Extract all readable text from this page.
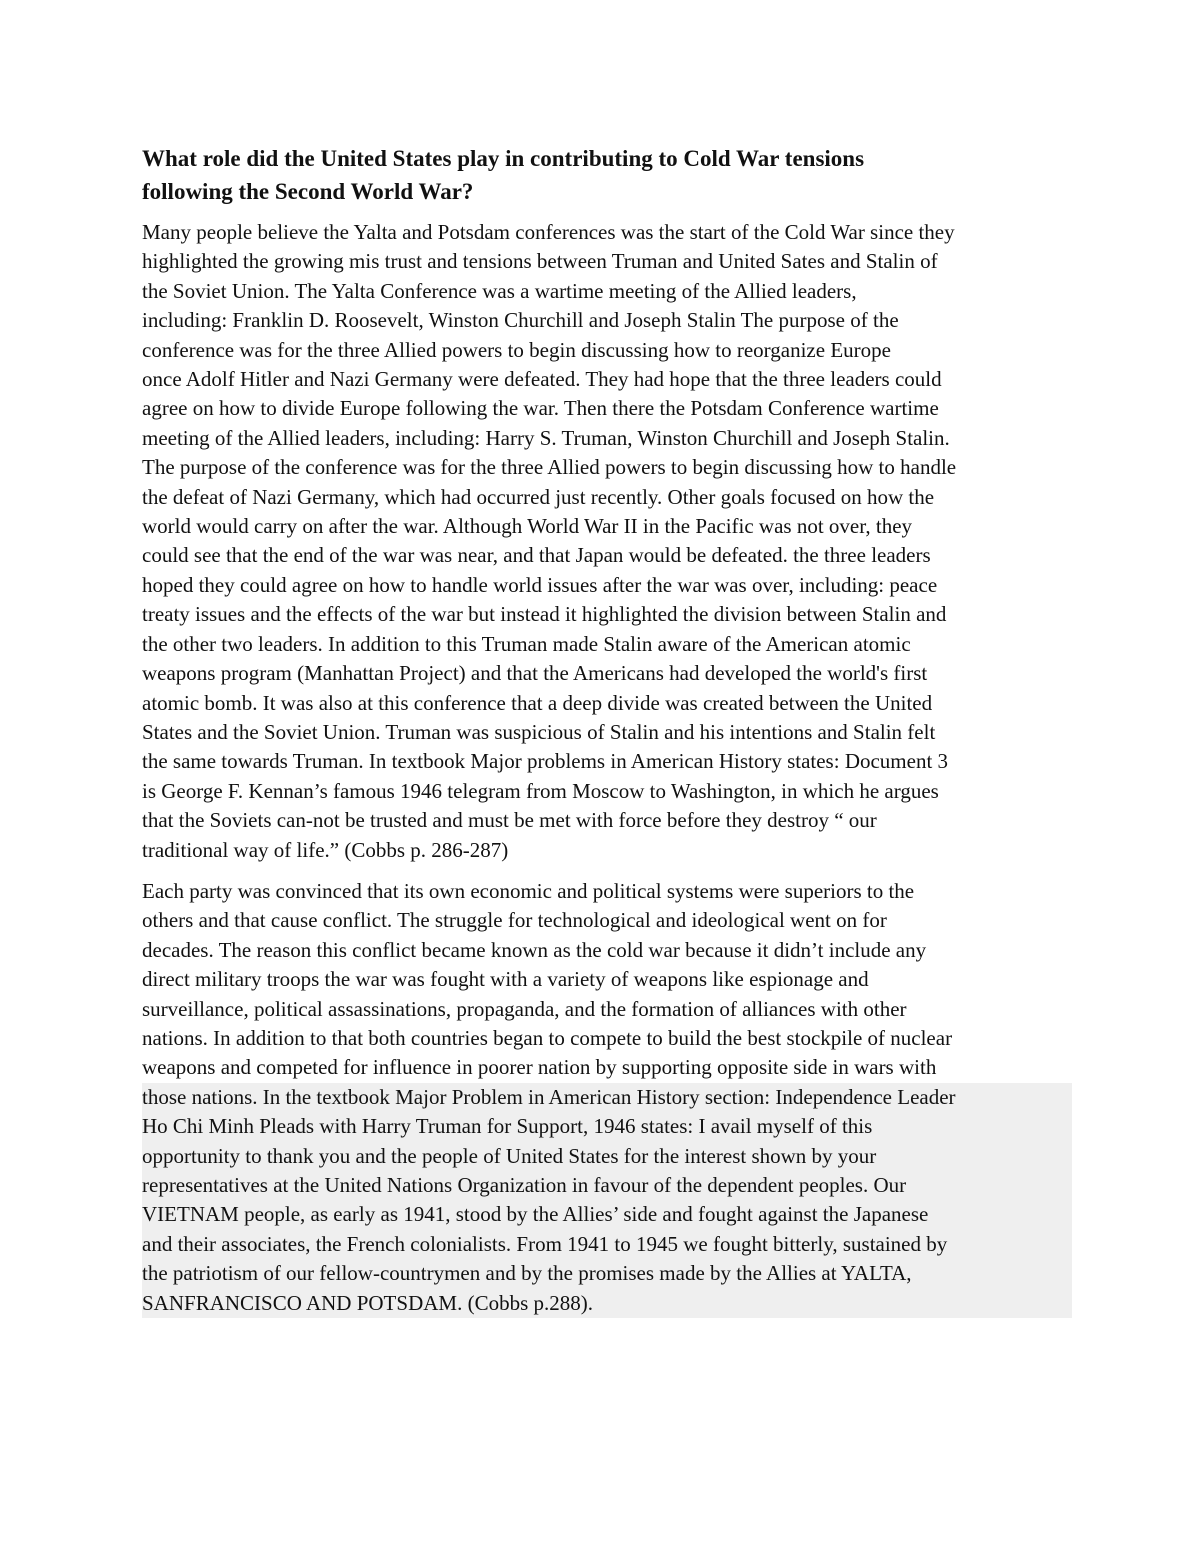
What role did the United States play in contributing to Cold War tensions
following the Second World War?
Many people believe the Yalta and Potsdam conferences was the start of the Cold War since they
highlighted the growing mis trust and tensions between Truman and United Sates and Stalin of
the Soviet Union. The Yalta Conference was a wartime meeting of the Allied leaders,
including: Franklin D. Roosevelt, Winston Churchill and Joseph Stalin The purpose of the
conference was for the three Allied powers to begin discussing how to reorganize Europe
once Adolf Hitler and Nazi Germany were defeated. They had hope that the three leaders could
agree on how to divide Europe following the war. Then there the Potsdam Conference wartime
meeting of the Allied leaders, including: Harry S. Truman, Winston Churchill and Joseph Stalin.
The purpose of the conference was for the three Allied powers to begin discussing how to handle
the defeat of Nazi Germany, which had occurred just recently. Other goals focused on how the
world would carry on after the war. Although World War II in the Pacific was not over, they
could see that the end of the war was near, and that Japan would be defeated. the three leaders
hoped they could agree on how to handle world issues after the war was over, including: peace
treaty issues and the effects of the war but instead it highlighted the division between Stalin and
the other two leaders. In addition to this Truman made Stalin aware of the American atomic
weapons program (Manhattan Project) and that the Americans had developed the world's first
atomic bomb. It was also at this conference that a deep divide was created between the United
States and the Soviet Union. Truman was suspicious of Stalin and his intentions and Stalin felt
the same towards Truman. In textbook Major problems in American History states: Document 3
is George F. Kennan’s famous 1946 telegram from Moscow to Washington, in which he argues
that the Soviets can-not be trusted and must be met with force before they destroy “ our
traditional way of life.” (Cobbs p. 286-287)
Each party was convinced that its own economic and political systems were superiors to the
others and that cause conflict. The struggle for technological and ideological went on for
decades. The reason this conflict became known as the cold war because it didn’t include any
direct military troops the war was fought with a variety of weapons like espionage and
surveillance, political assassinations, propaganda, and the formation of alliances with other
nations. In addition to that both countries began to compete to build the best stockpile of nuclear
weapons and competed for influence in poorer nation by supporting opposite side in wars with
those nations. In the textbook Major Problem in American History section: Independence Leader
Ho Chi Minh Pleads with Harry Truman for Support, 1946 states: I avail myself of this
opportunity to thank you and the people of United States for the interest shown by your
representatives at the United Nations Organization in favour of the dependent peoples. Our
VIETNAM people, as early as 1941, stood by the Allies’ side and fought against the Japanese
and their associates, the French colonialists. From 1941 to 1945 we fought bitterly, sustained by
the patriotism of our fellow-countrymen and by the promises made by the Allies at YALTA,
SANFRANCISCO AND POTSDAM. (Cobbs p.288).
